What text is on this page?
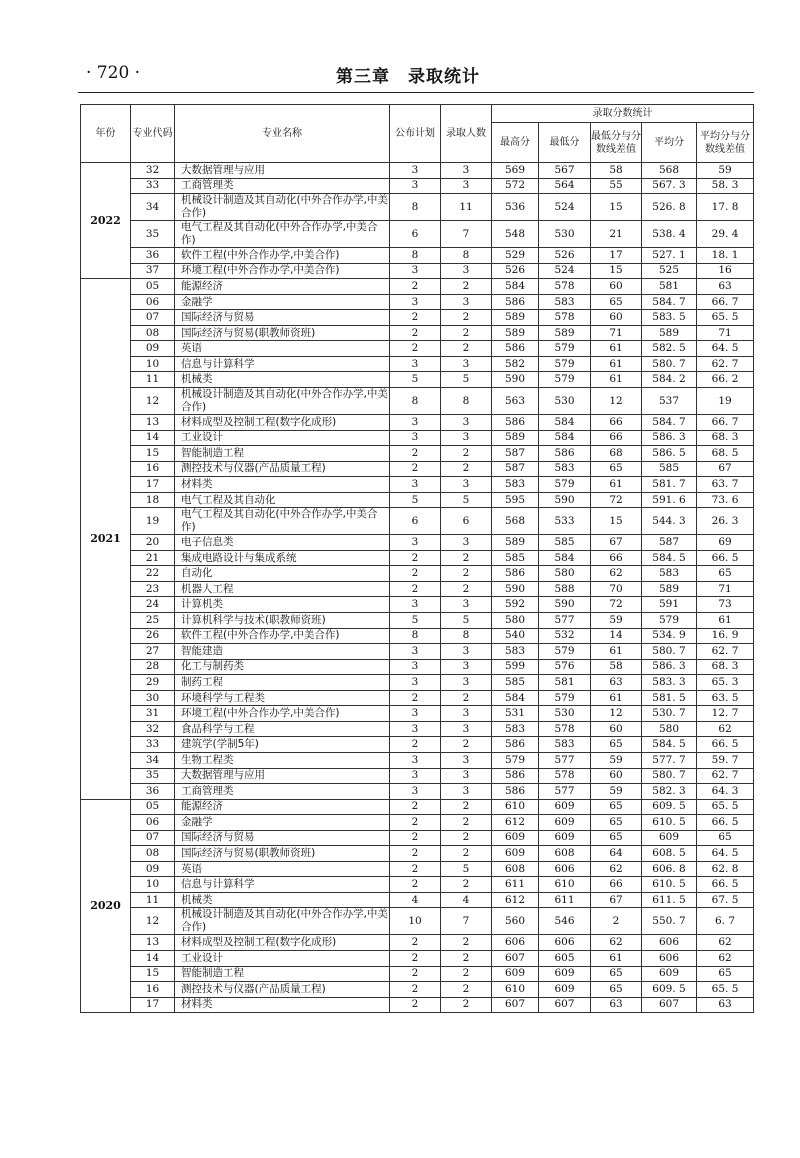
· 720 ·	第三章　录取统计
年份	专业代码	专业名称	公布计划	录取人数	录取分数统计				
					最高分	最低分	最低分与分数线差值	平均分	平均分与分数线差值
2022	32	大数据管理与应用	3	3	569	567	58	568	59
	33	工商管理类	3	3	572	564	55	567. 3	58. 3
	34	机械设计制造及其自动化(中外合作办学,中美合作)	8	11	536	524	15	526. 8	17. 8
	35	电气工程及其自动化(中外合作办学,中美合作)	6	7	548	530	21	538. 4	29. 4
	36	软件工程(中外合作办学,中美合作)	8	8	529	526	17	527. 1	18. 1
	37	环境工程(中外合作办学,中美合作)	3	3	526	524	15	525	16
2021	05	能源经济	2	2	584	578	60	581	63
	06	金融学	3	3	586	583	65	584. 7	66. 7
	07	国际经济与贸易	2	2	589	578	60	583. 5	65. 5
	08	国际经济与贸易(职教师资班)	2	2	589	589	71	589	71
	09	英语	2	2	586	579	61	582. 5	64. 5
	10	信息与计算科学	3	3	582	579	61	580. 7	62. 7
	11	机械类	5	5	590	579	61	584. 2	66. 2
	12	机械设计制造及其自动化(中外合作办学,中美合作)	8	8	563	530	12	537	19
	13	材料成型及控制工程(数字化成形)	3	3	586	584	66	584. 7	66. 7
	14	工业设计	3	3	589	584	66	586. 3	68. 3
	15	智能制造工程	2	2	587	586	68	586. 5	68. 5
	16	测控技术与仪器(产品质量工程)	2	2	587	583	65	585	67
	17	材料类	3	3	583	579	61	581. 7	63. 7
	18	电气工程及其自动化	5	5	595	590	72	591. 6	73. 6
	19	电气工程及其自动化(中外合作办学,中美合作)	6	6	568	533	15	544. 3	26. 3
	20	电子信息类	3	3	589	585	67	587	69
	21	集成电路设计与集成系统	2	2	585	584	66	584. 5	66. 5
	22	自动化	2	2	586	580	62	583	65
	23	机器人工程	2	2	590	588	70	589	71
	24	计算机类	3	3	592	590	72	591	73
	25	计算机科学与技术(职教师资班)	5	5	580	577	59	579	61
	26	软件工程(中外合作办学,中美合作)	8	8	540	532	14	534. 9	16. 9
	27	智能建造	3	3	583	579	61	580. 7	62. 7
	28	化工与制药类	3	3	599	576	58	586. 3	68. 3
	29	制药工程	3	3	585	581	63	583. 3	65. 3
	30	环境科学与工程类	2	2	584	579	61	581. 5	63. 5
	31	环境工程(中外合作办学,中美合作)	3	3	531	530	12	530. 7	12. 7
	32	食品科学与工程	3	3	583	578	60	580	62
	33	建筑学(学制5年)	2	2	586	583	65	584. 5	66. 5
	34	生物工程类	3	3	579	577	59	577. 7	59. 7
	35	大数据管理与应用	3	3	586	578	60	580. 7	62. 7
	36	工商管理类	3	3	586	577	59	582. 3	64. 3
2020	05	能源经济	2	2	610	609	65	609. 5	65. 5
	06	金融学	2	2	612	609	65	610. 5	66. 5
	07	国际经济与贸易	2	2	609	609	65	609	65
	08	国际经济与贸易(职教师资班)	2	2	609	608	64	608. 5	64. 5
	09	英语	2	5	608	606	62	606. 8	62. 8
	10	信息与计算科学	2	2	611	610	66	610. 5	66. 5
	11	机械类	4	4	612	611	67	611. 5	67. 5
	12	机械设计制造及其自动化(中外合作办学,中美合作)	10	7	560	546	2	550. 7	6. 7
	13	材料成型及控制工程(数字化成形)	2	2	606	606	62	606	62
	14	工业设计	2	2	607	605	61	606	62
	15	智能制造工程	2	2	609	609	65	609	65
	16	测控技术与仪器(产品质量工程)	2	2	610	609	65	609. 5	65. 5
	17	材料类	2	2	607	607	63	607	63
